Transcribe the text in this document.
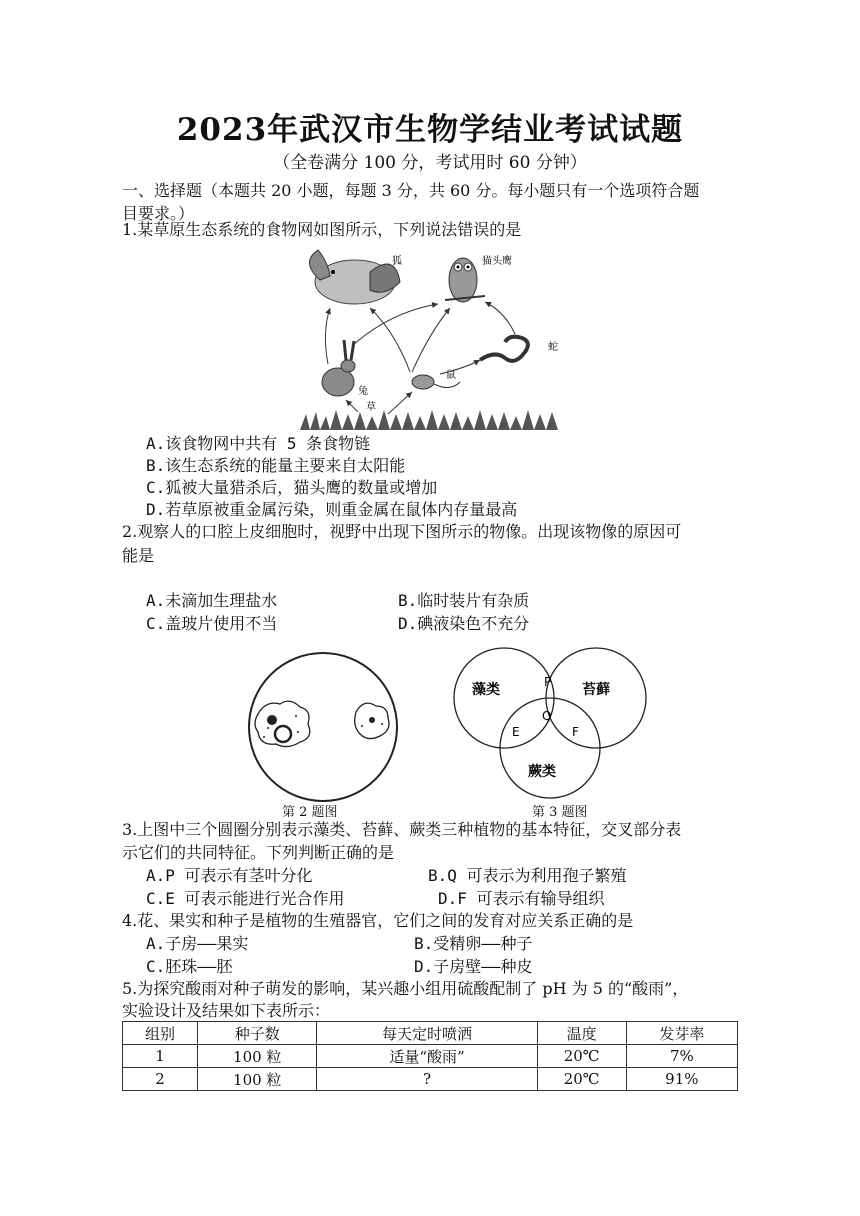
2023年武汉市生物学结业考试试题
（全卷满分 100 分，考试用时 60 分钟）
一、选择题（本题共 20 小题，每题 3 分，共 60 分。每小题只有一个选项符合题
目要求。）
1.某草原生态系统的食物网如图所示，下列说法错误的是
狐	猫头鹰
蛇
兔
鼠
草
A.该食物网中共有 5 条食物链
B.该生态系统的能量主要来自太阳能
C.狐被大量猎杀后，猫头鹰的数量或增加
D.若草原被重金属污染，则重金属在鼠体内存量最高
2.观察人的口腔上皮细胞时，视野中出现下图所示的物像。出现该物像的原因可
能是
A.未滴加生理盐水	B.临时装片有杂质
C.盖玻片使用不当	D.碘液染色不充分
第 2 题图
藻类	苔藓
蕨类
P
Q
E	F
第 3 题图
3.上图中三个圆圈分别表示藻类、苔藓、蕨类三种植物的基本特征，交叉部分表
示它们的共同特征。下列判断正确的是
A.P 可表示有茎叶分化	B.Q 可表示为利用孢子繁殖
C.E 可表示能进行光合作用	D.F 可表示有输导组织
4.花、果实和种子是植物的生殖器官，它们之间的发育对应关系正确的是
A.子房——果实	B.受精卵——种子
C.胚珠——胚	D.子房壁——种皮
5.为探究酸雨对种子萌发的影响，某兴趣小组用硫酸配制了 pH 为 5 的“酸雨”，
实验设计及结果如下表所示：
组别	种子数	每天定时喷洒	温度	发芽率
1	100 粒	适量“酸雨”	20℃	7%
2	100 粒	?	20℃	91%
